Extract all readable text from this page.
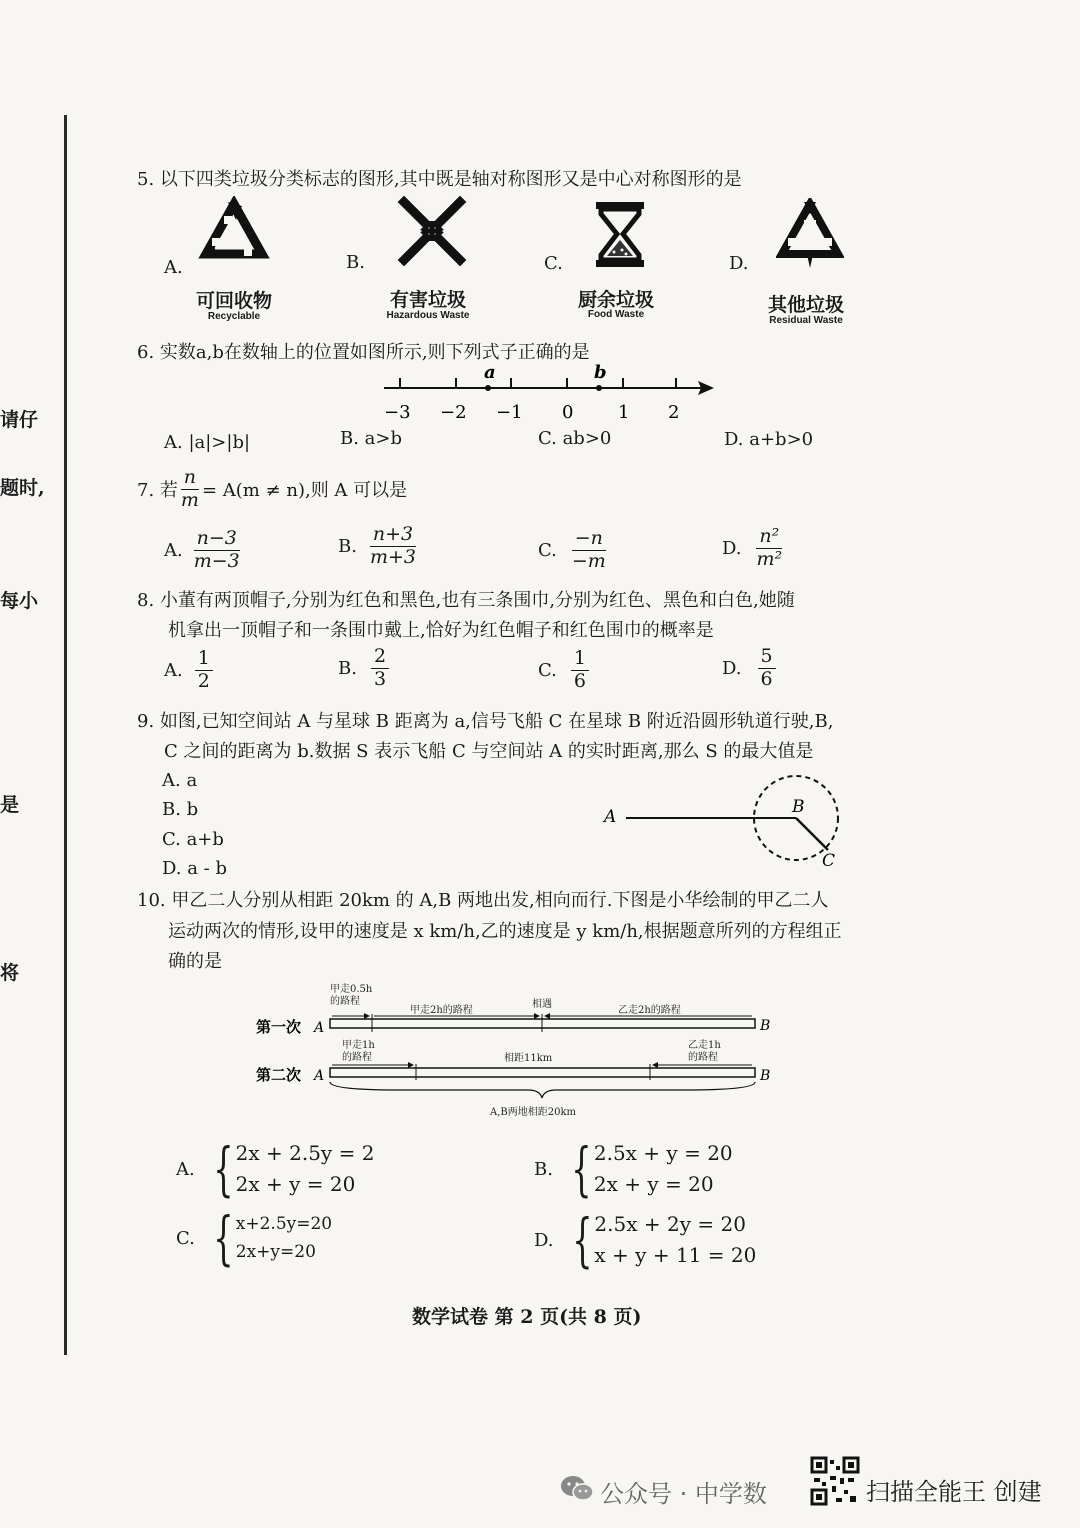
请仔
题时,
每小
是
将
5. 以下四类垃圾分类标志的图形,其中既是轴对称图形又是中心对称图形的是
A.
可回收物
Recyclable
B.
有害垃圾
Hazardous Waste
C.
厨余垃圾
Food Waste
D.
其他垃圾
Residual Waste
6. 实数a,b在数轴上的位置如图所示,则下列式子正确的是
a	b
−3 −2 −1 0 1 2
A. |a|>|b|	B. a>b	C. ab>0	D. a+b>0
7. 若 $\frac{n}{m} = A(m \ne n)$,则 A 可以是
A. $\frac{n-3}{m-3}$	B. $\frac{n+3}{m+3}$	C. $\frac{-n}{-m}$	D. $\frac{\text{n²}}{\text{m²}}$
8. 小董有两顶帽子,分别为红色和黑色,也有三条围巾,分别为红色、黑色和白色,她随
机拿出一顶帽子和一条围巾戴上,恰好为红色帽子和红色围巾的概率是
A. $\frac{1}{2}$	B. $\frac{2}{3}$	C. $\frac{1}{6}$	D. $\frac{5}{6}$
9. 如图,已知空间站 A 与星球 B 距离为 a,信号飞船 C 在星球 B 附近沿圆形轨道行驶,B,
C 之间的距离为 b.数据 S 表示飞船 C 与空间站 A 的实时距离,那么 S 的最大值是
A. a
B. b
C. a+b
D. a - b
A	B
C
10. 甲乙二人分别从相距 20km 的 A,B 两地出发,相向而行.下图是小华绘制的甲乙二人
运动两次的情形,设甲的速度是 x km/h,乙的速度是 y km/h,根据题意所列的方程组正
确的是
甲走0.5h
的路程
甲走2h的路程
相遇
乙走2h的路程
第一次 A	B
甲走1h
的路程	相距11km
乙走1h
的路程
第二次 A	B
A,B两地相距20km
A. { 2x + 2.5y = 2
2x + y = 20
B. { 2.5x + y = 20
2x + y = 20
C. { x+2.5y=20
2x+y=20
D. { 2.5x + 2y = 20
x + y + 11 = 20
数学试卷 第 2 页(共 8 页)
公众号 · 中学数	扫描全能王 创建
